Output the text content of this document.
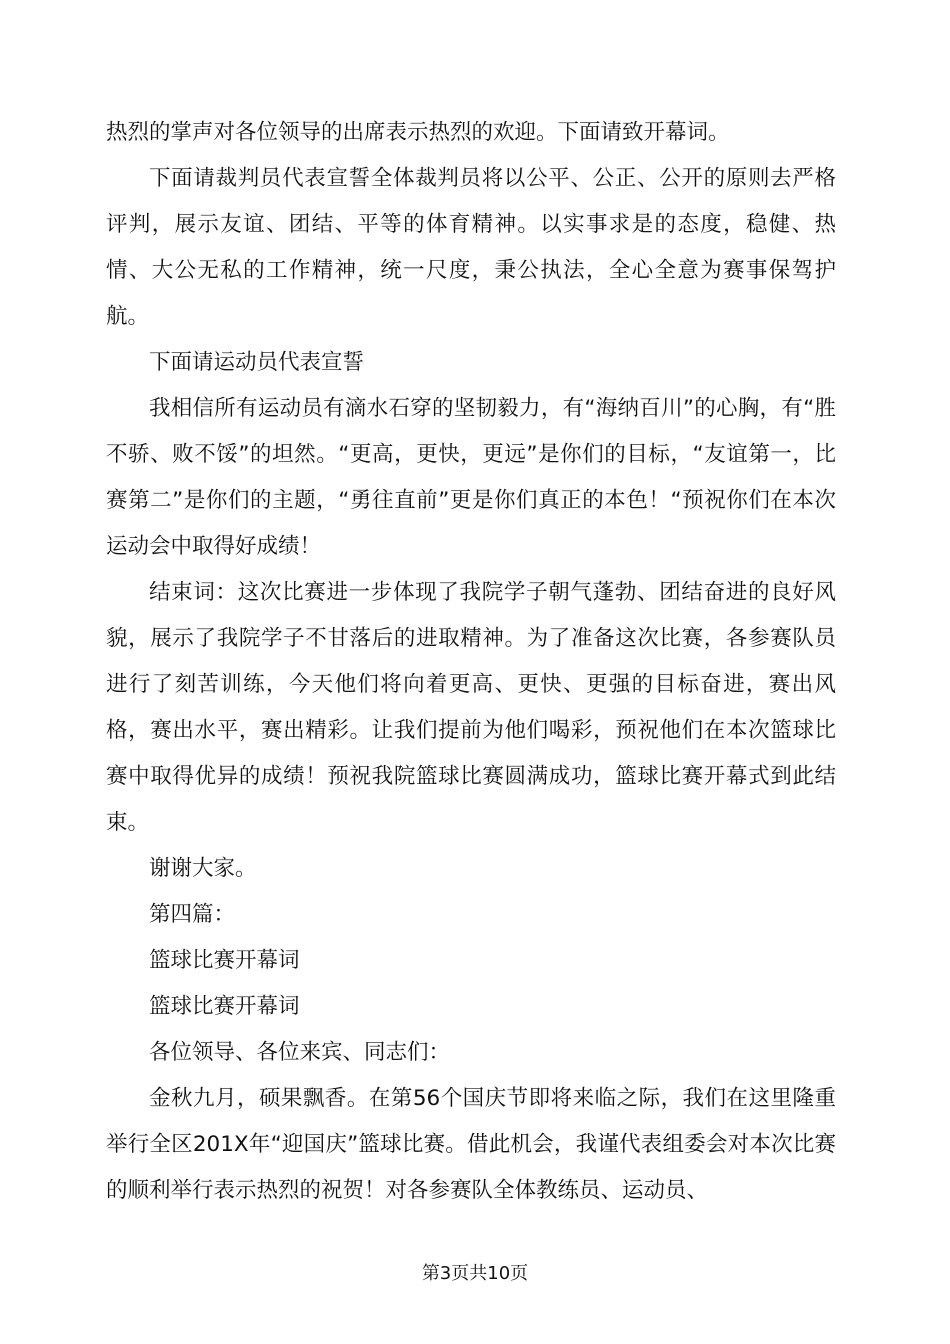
热烈的掌声对各位领导的出席表示热烈的欢迎。下面请致开幕词。

下面请裁判员代表宣誓全体裁判员将以公平、公正、公开的原则去严格评判，展示友谊、团结、平等的体育精神。以实事求是的态度，稳健、热情、大公无私的工作精神，统一尺度，秉公执法，全心全意为赛事保驾护航。

下面请运动员代表宣誓

我相信所有运动员有滴水石穿的坚韧毅力，有“海纳百川”的心胸，有“胜不骄、败不馁”的坦然。“更高，更快，更远”是你们的目标，“友谊第一，比赛第二”是你们的主题，“勇往直前”更是你们真正的本色！“预祝你们在本次运动会中取得好成绩！

结束词：这次比赛进一步体现了我院学子朝气蓬勃、团结奋进的良好风貌，展示了我院学子不甘落后的进取精神。为了准备这次比赛，各参赛队员进行了刻苦训练，今天他们将向着更高、更快、更强的目标奋进，赛出风格，赛出水平，赛出精彩。让我们提前为他们喝彩，预祝他们在本次篮球比赛中取得优异的成绩！预祝我院篮球比赛圆满成功，篮球比赛开幕式到此结束。

谢谢大家。

第四篇：

篮球比赛开幕词

篮球比赛开幕词

各位领导、各位来宾、同志们：

金秋九月，硕果飘香。在第56个国庆节即将来临之际，我们在这里隆重举行全区201X年“迎国庆”篮球比赛。借此机会，我谨代表组委会对本次比赛的顺利举行表示热烈的祝贺！对各参赛队全体教练员、运动员、

第3页共10页
